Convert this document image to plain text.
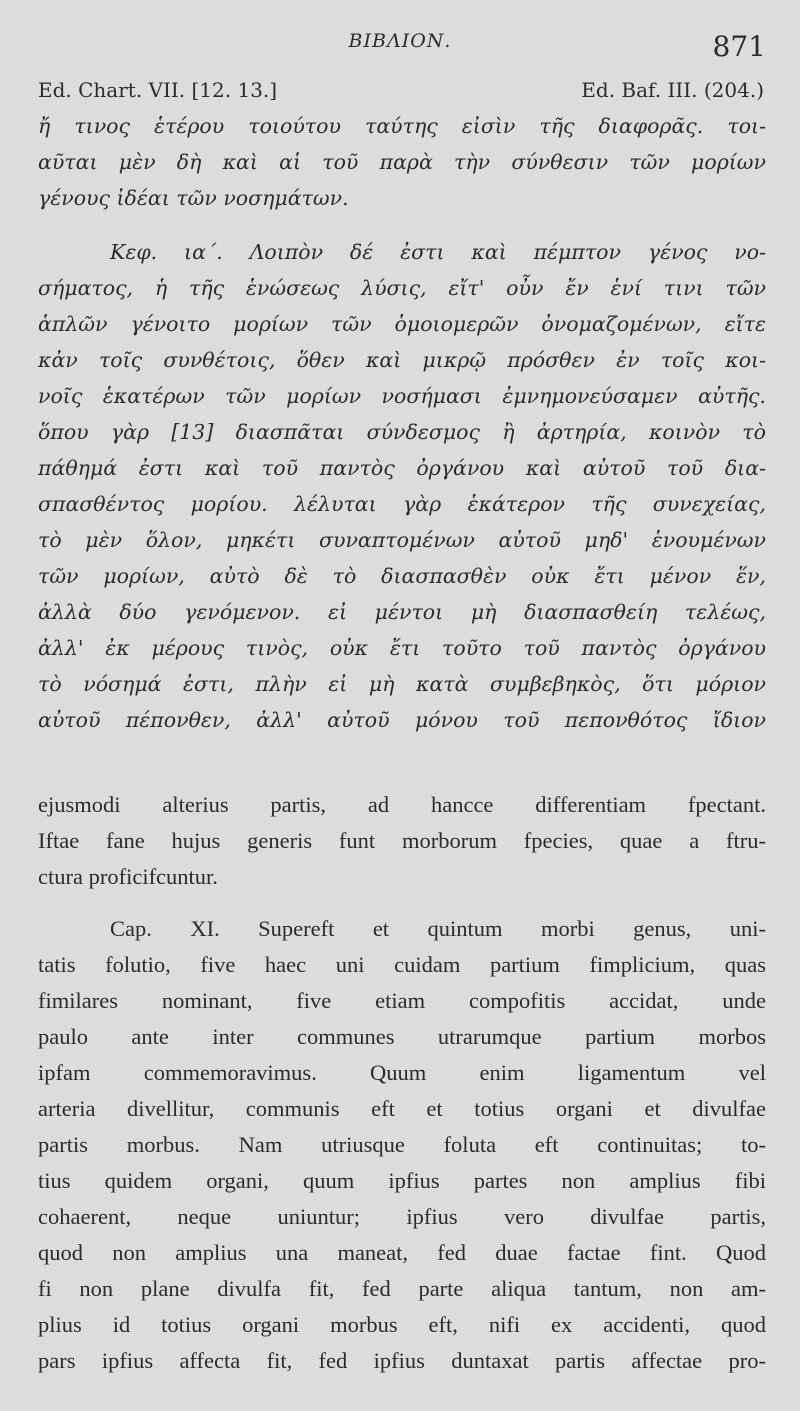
BIBΛΙΟΝ.	871
Ed. Chart. VII. [12. 13.]	Ed. Baf. III. (204.)
ἤ τινος ἑτέρου τοιούτου ταύτης εἰσὶν τῆς διαφορᾶς. τοι-
αῦται μὲν δὴ καὶ αἱ τοῦ παρὰ τὴν σύνθεσιν τῶν μορίων
γένους ἰδέαι τῶν νοσημάτων.
Κεφ. ια΄. Λοιπὸν δέ ἐστι καὶ πέμπτον γένος νο-
σήματος, ἡ τῆς ἑνώσεως λύσις, εἴτ' οὖν ἔν ἑνί τινι τῶν
ἁπλῶν γένοιτο μορίων τῶν ὁμοιομερῶν ὀνομαζομένων, εἴτε
κἀν τοῖς συνθέτοις, ὅθεν καὶ μικρῷ πρόσθεν ἐν τοῖς κοι-
νοῖς ἑκατέρων τῶν μορίων νοσήμασι ἐμνημονεύσαμεν αὐτῆς.
ὅπου γὰρ [13] διασπᾶται σύνδεσμος ἢ ἀρτηρία, κοινὸν τὸ
πάθημά ἐστι καὶ τοῦ παντὸς ὀργάνου καὶ αὐτοῦ τοῦ δια-
σπασθέντος μορίου. λέλυται γὰρ ἑκάτερον τῆς συνεχείας,
τὸ μὲν ὅλον, μηκέτι συναπτομένων αὐτοῦ μηδ' ἑνουμένων
τῶν μορίων, αὐτὸ δὲ τὸ διασπασθὲν οὐκ ἔτι μένον ἕν,
ἀλλὰ δύο γενόμενον. εἰ μέντοι μὴ διασπασθείη τελέως,
ἀλλ' ἐκ μέρους τινὸς, οὐκ ἔτι τοῦτο τοῦ παντὸς ὀργάνου
τὸ νόσημά ἐστι, πλὴν εἰ μὴ κατὰ συμβεβηκὸς, ὅτι μόριον
αὐτοῦ πέπονθεν, ἀλλ' αὐτοῦ μόνου τοῦ πεπονθότος ἴδιον
ejusmodi alterius partis, ad hancce differentiam fpectant.
Iftae fane hujus generis funt morborum fpecies, quae a ftru-
ctura proficifcuntur.
Cap. XI. Supereft et quintum morbi genus, uni-
tatis folutio, five haec uni cuidam partium fimplicium, quas
fimilares nominant, five etiam compofitis accidat, unde
paulo ante inter communes utrarumque partium morbos
ipfam commemoravimus. Quum enim ligamentum vel
arteria divellitur, communis eft et totius organi et divulfae
partis morbus. Nam utriusque foluta eft continuitas; to-
tius quidem organi, quum ipfius partes non amplius fibi
cohaerent, neque uniuntur; ipfius vero divulfae partis,
quod non amplius una maneat, fed duae factae fint. Quod
fi non plane divulfa fit, fed parte aliqua tantum, non am-
plius id totius organi morbus eft, nifi ex accidenti, quod
pars ipfius affecta fit, fed ipfius duntaxat partis affectae pro-
